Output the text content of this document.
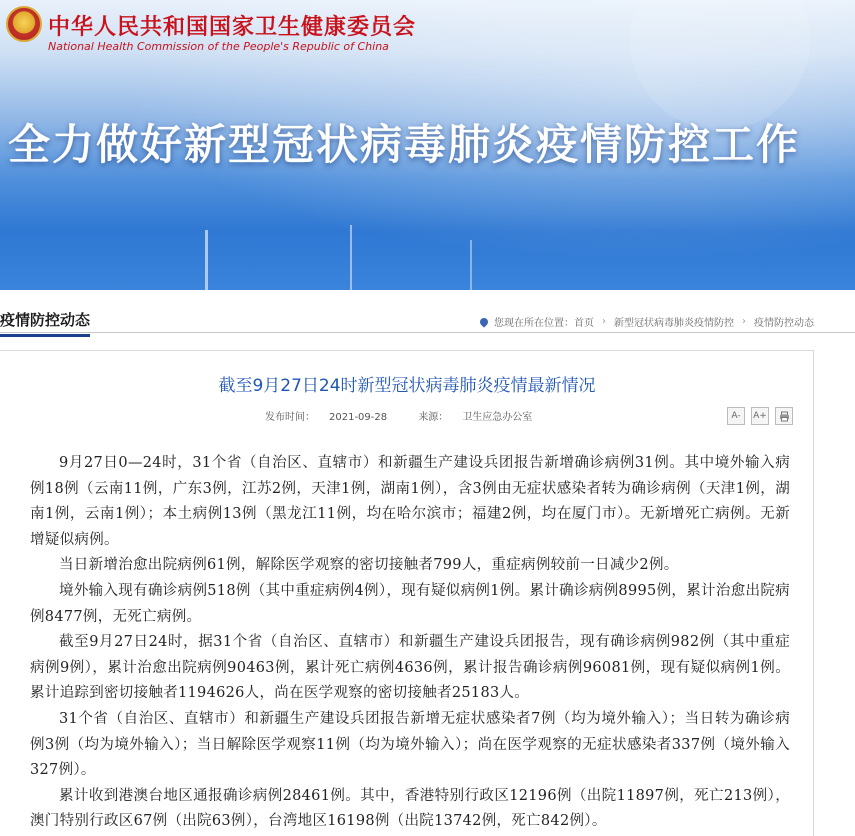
中华人民共和国国家卫生健康委员会
National Health Commission of the People's Republic of China
全力做好新型冠状病毒肺炎疫情防控工作
疫情防控动态	您现在所在位置： 首页 › 新型冠状病毒肺炎疫情防控 › 疫情防控动态
截至9月27日24时新型冠状病毒肺炎疫情最新情况
发布时间： 2021-09-28	来源： 卫生应急办公室	A-	A+

9月27日0—24时，31个省（自治区、直辖市）和新疆生产建设兵团报告新增确诊病例31例。其中境外输入病例18例（云南11例，广东3例，江苏2例，天津1例，湖南1例），含3例由无症状感染者转为确诊病例（天津1例，湖南1例，云南1例）；本土病例13例（黑龙江11例，均在哈尔滨市；福建2例，均在厦门市）。无新增死亡病例。无新增疑似病例。

当日新增治愈出院病例61例，解除医学观察的密切接触者799人，重症病例较前一日减少2例。

境外输入现有确诊病例518例（其中重症病例4例），现有疑似病例1例。累计确诊病例8995例，累计治愈出院病例8477例，无死亡病例。

截至9月27日24时，据31个省（自治区、直辖市）和新疆生产建设兵团报告，现有确诊病例982例（其中重症病例9例），累计治愈出院病例90463例，累计死亡病例4636例，累计报告确诊病例96081例，现有疑似病例1例。累计追踪到密切接触者1194626人，尚在医学观察的密切接触者25183人。

31个省（自治区、直辖市）和新疆生产建设兵团报告新增无症状感染者7例（均为境外输入）；当日转为确诊病例3例（均为境外输入）；当日解除医学观察11例（均为境外输入）；尚在医学观察的无症状感染者337例（境外输入327例）。

累计收到港澳台地区通报确诊病例28461例。其中，香港特别行政区12196例（出院11897例，死亡213例），澳门特别行政区67例（出院63例），台湾地区16198例（出院13742例，死亡842例）。
